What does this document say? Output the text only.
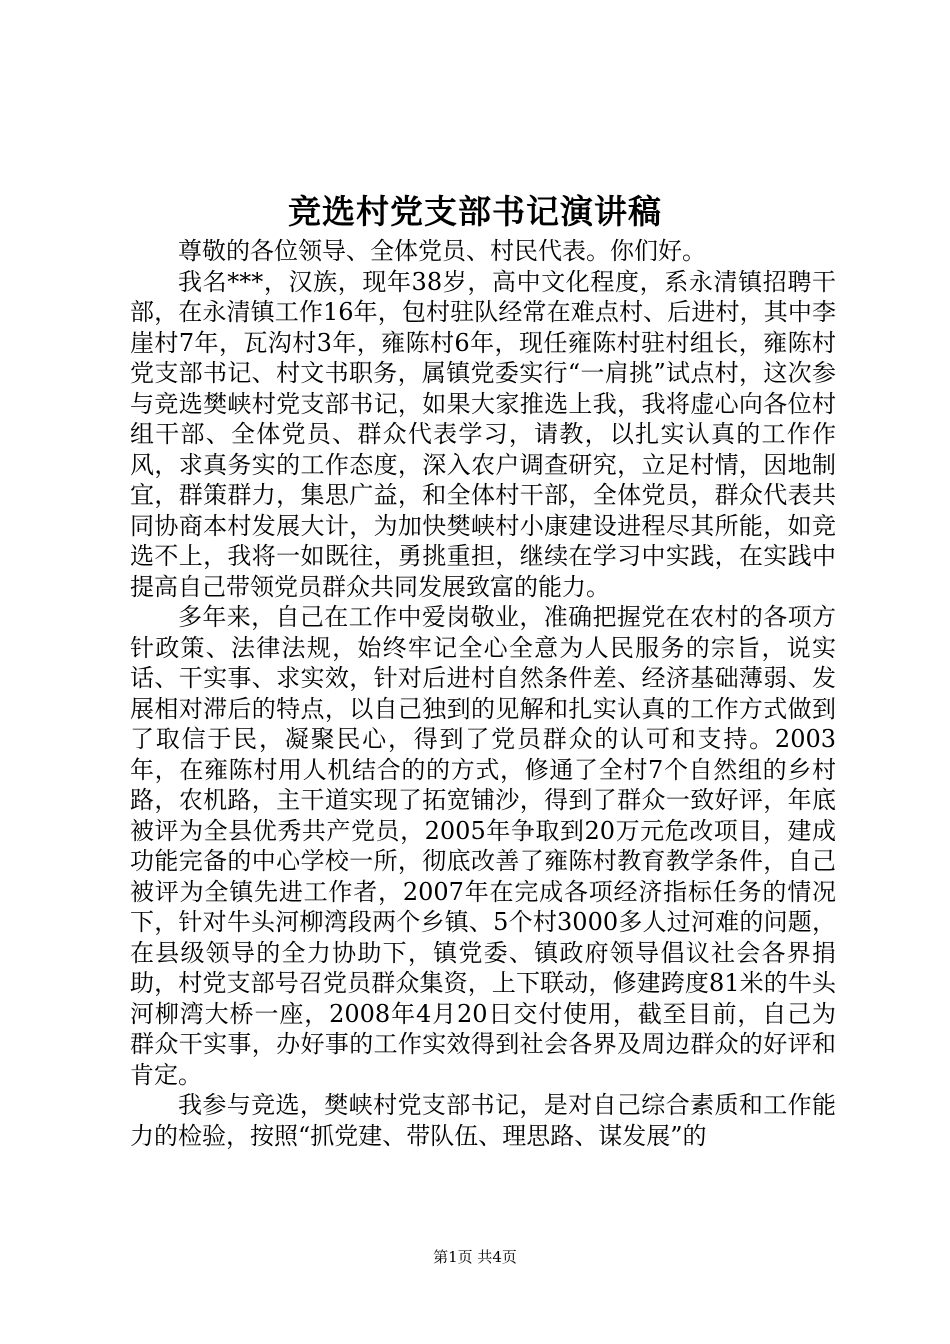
竞选村党支部书记演讲稿

尊敬的各位领导、全体党员、村民代表。你们好。

我名***，汉族，现年38岁，高中文化程度，系永清镇招聘干部，在永清镇工作16年，包村驻队经常在难点村、后进村，其中李崖村7年，瓦沟村3年，雍陈村6年，现任雍陈村驻村组长，雍陈村党支部书记、村文书职务，属镇党委实行“一肩挑”试点村，这次参与竞选樊峡村党支部书记，如果大家推选上我，我将虚心向各位村组干部、全体党员、群众代表学习，请教，以扎实认真的工作作风，求真务实的工作态度，深入农户调查研究，立足村情，因地制宜，群策群力，集思广益，和全体村干部，全体党员，群众代表共同协商本村发展大计，为加快樊峡村小康建设进程尽其所能，如竞选不上，我将一如既往，勇挑重担，继续在学习中实践，在实践中提高自己带领党员群众共同发展致富的能力。

多年来，自己在工作中爱岗敬业，准确把握党在农村的各项方针政策、法律法规，始终牢记全心全意为人民服务的宗旨，说实话、干实事、求实效，针对后进村自然条件差、经济基础薄弱、发展相对滞后的特点，以自己独到的见解和扎实认真的工作方式做到了取信于民，凝聚民心，得到了党员群众的认可和支持。2003年，在雍陈村用人机结合的的方式，修通了全村7个自然组的乡村路，农机路，主干道实现了拓宽铺沙，得到了群众一致好评，年底被评为全县优秀共产党员，2005年争取到20万元危改项目，建成功能完备的中心学校一所，彻底改善了雍陈村教育教学条件，自己被评为全镇先进工作者，2007年在完成各项经济指标任务的情况下，针对牛头河柳湾段两个乡镇、5个村3000多人过河难的问题，在县级领导的全力协助下，镇党委、镇政府领导倡议社会各界捐助，村党支部号召党员群众集资，上下联动，修建跨度81米的牛头河柳湾大桥一座，2008年4月20日交付使用，截至目前，自己为群众干实事，办好事的工作实效得到社会各界及周边群众的好评和肯定。

我参与竞选，樊峡村党支部书记，是对自己综合素质和工作能力的检验，按照“抓党建、带队伍、理思路、谋发展”的

第1页 共4页
